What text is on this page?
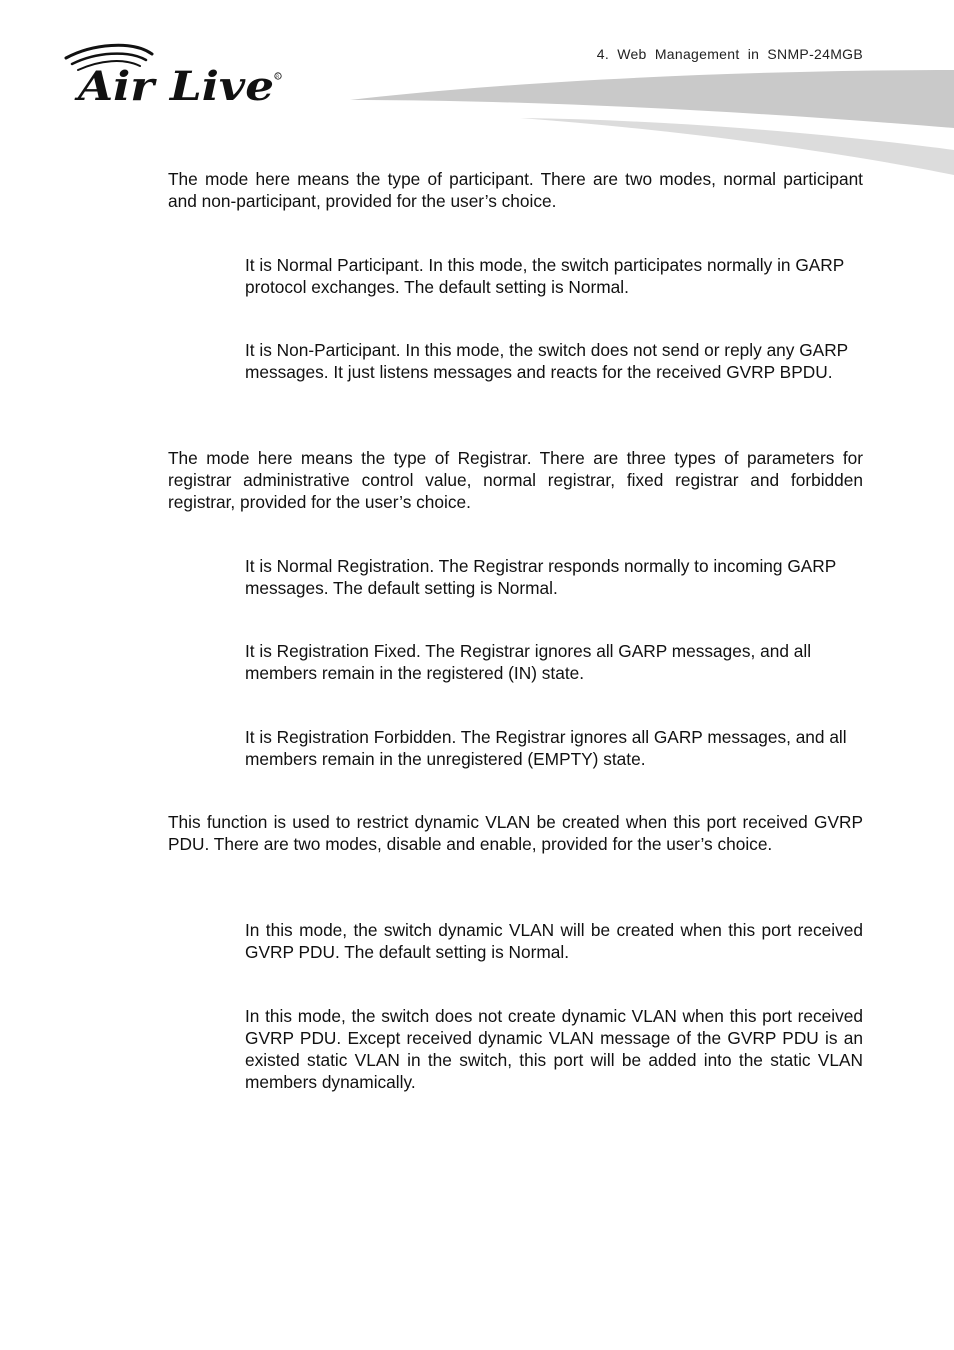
Air Live R
4. Web Management in SNMP-24MGB

The mode here means the type of participant. There are two modes, normal participant and non-participant, provided for the user’s choice.

It is Normal Participant. In this mode, the switch participates normally in GARP protocol exchanges. The default setting is Normal.

It is Non-Participant. In this mode, the switch does not send or reply any GARP messages. It just listens messages and reacts for the received GVRP BPDU.

The mode here means the type of Registrar. There are three types of parameters for registrar administrative control value, normal registrar, fixed registrar and forbidden registrar, provided for the user’s choice.

It is Normal Registration. The Registrar responds normally to incoming GARP messages. The default setting is Normal.

It is Registration Fixed. The Registrar ignores all GARP messages, and all members remain in the registered (IN) state.

It is Registration Forbidden. The Registrar ignores all GARP messages, and all members remain in the unregistered (EMPTY) state.

This function is used to restrict dynamic VLAN be created when this port received GVRP PDU. There are two modes, disable and enable, provided for the user’s choice.

In this mode, the switch dynamic VLAN will be created when this port received GVRP PDU. The default setting is Normal.

In this mode, the switch does not create dynamic VLAN when this port received GVRP PDU. Except received dynamic VLAN message of the GVRP PDU is an existed static VLAN in the switch, this port will be added into the static VLAN members dynamically.
